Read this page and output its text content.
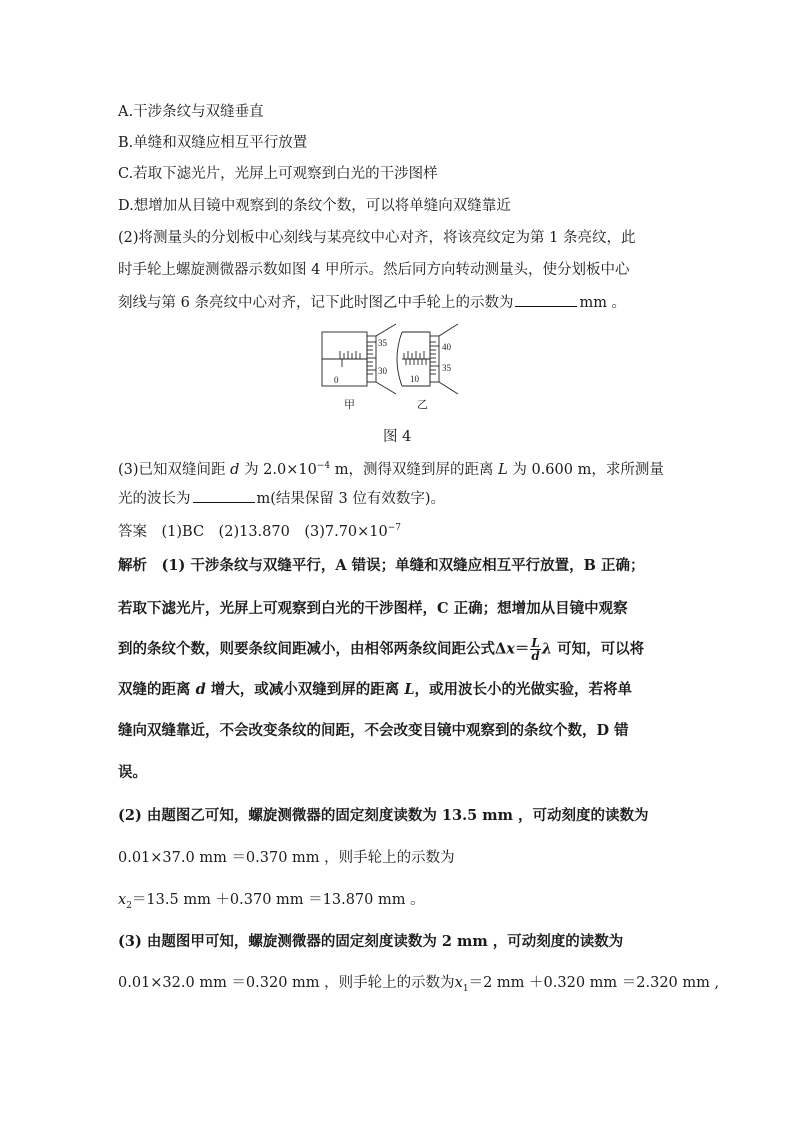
A.干涉条纹与双缝垂直
B.单缝和双缝应相互平行放置
C.若取下滤光片，光屏上可观察到白光的干涉图样
D.想增加从目镜中观察到的条纹个数，可以将单缝向双缝靠近
(2)将测量头的分划板中心刻线与某亮纹中心对齐，将该亮纹定为第 1 条亮纹，此
时手轮上螺旋测微器示数如图 4 甲所示。然后同方向转动测量头，使分划板中心
刻线与第 6 条亮纹中心对齐，记下此时图乙中手轮上的示数为	mm 。
35
30
0
40
35
10
甲	乙
图 4
(3)已知双缝间距 d 为 $2.0\times 10^{-4}$ m，测得双缝到屏的距离 L 为 0.600 m，求所测量
光的波长为	m(结果保留 3 位有效数字)。
答案　(1)BC　(2)13.870　$(3)7.70\times 10^{-7}$
解析　(1) 干涉条纹与双缝平行，A 错误；单缝和双缝应相互平行放置，B 正确；
若取下滤光片，光屏上可观察到白光的干涉图样，C 正确；想增加从目镜中观察
到的条纹个数，则要条纹间距减小，由相邻两条纹间距公式$\Delta x= \frac{L}{d}$ λ 可知，可以将
双缝的距离 d 增大，或减小双缝到屏的距离 L，或用波长小的光做实验，若将单
缝向双缝靠近，不会改变条纹的间距，不会改变目镜中观察到的条纹个数，D 错
误。
(2) 由题图乙可知，螺旋测微器的固定刻度读数为 13.5 mm ，可动刻度的读数为
0.01×37.0 mm ＝0.370 mm ，则手轮上的示数为
$x_2=13.5$ mm ＋0.370 mm ＝13.870 mm 。
(3) 由题图甲可知，螺旋测微器的固定刻度读数为 2 mm ，可动刻度的读数为
0.01×32.0 mm ＝0.320 mm ，则手轮上的示数为$x_1=2$ mm ＋0.320 mm ＝2.320 mm ,
